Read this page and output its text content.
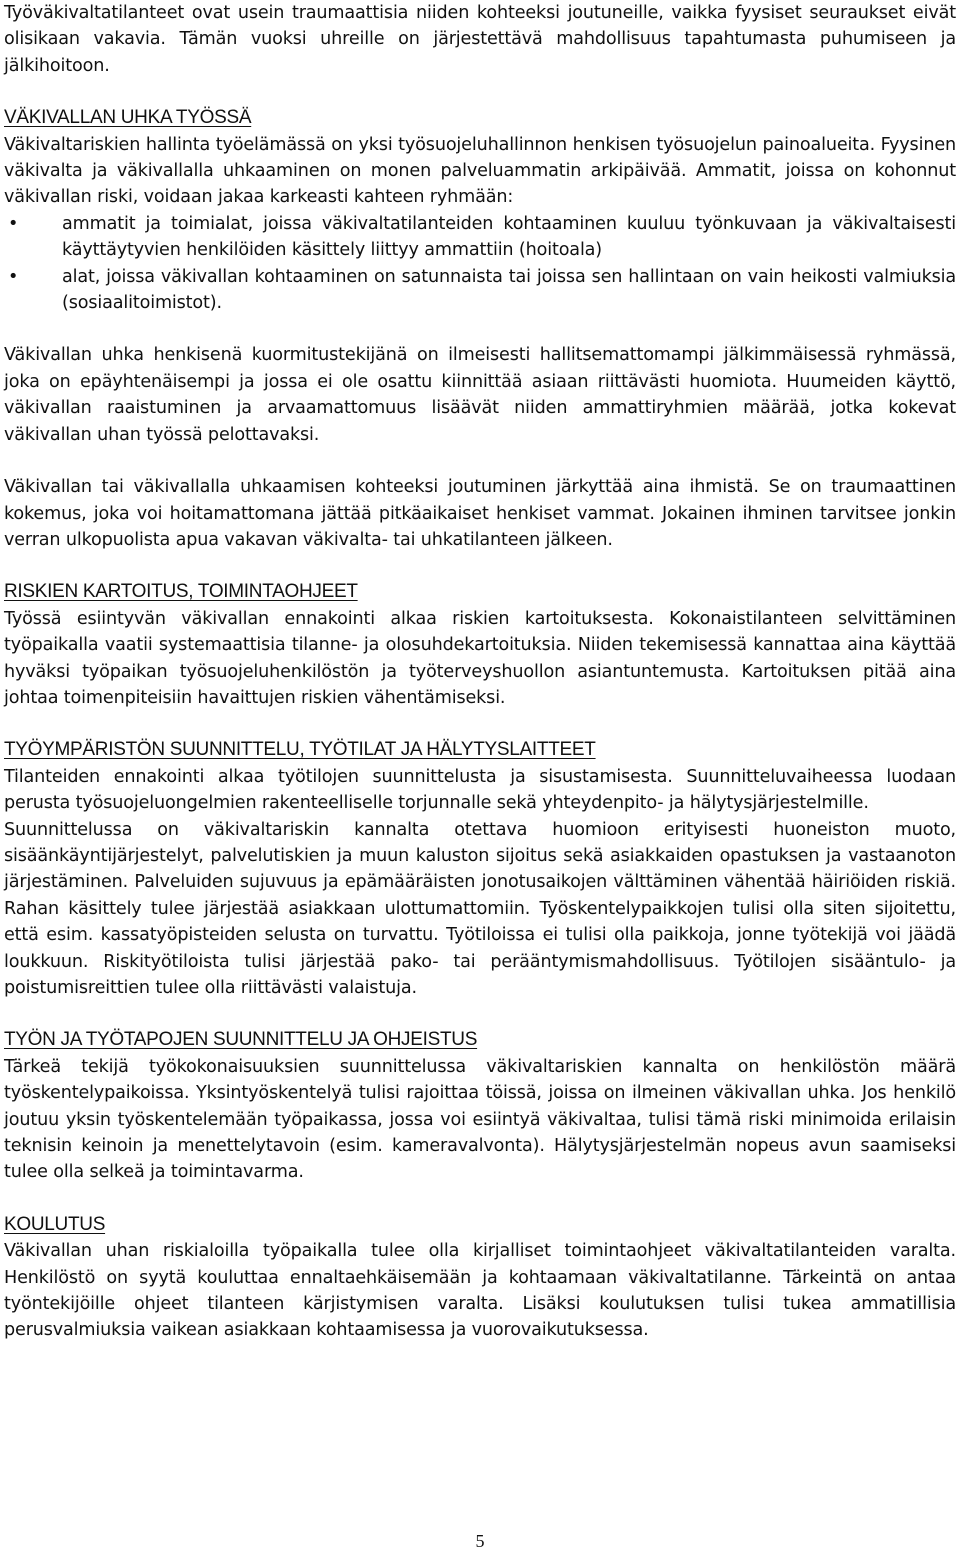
Työväkivaltatilanteet ovat usein traumaattisia niiden kohteeksi joutuneille, vaikka fyysiset seuraukset eivät olisikaan vakavia. Tämän vuoksi uhreille on järjestettävä mahdollisuus tapahtumasta puhumiseen ja jälkihoitoon.

VÄKIVALLAN UHKA TYÖSSÄ

Väkivaltariskien hallinta työelämässä on yksi työsuojeluhallinnon henkisen työsuojelun painoalueita. Fyysinen väkivalta ja väkivallalla uhkaaminen on monen palveluammatin arkipäivää. Ammatit, joissa on kohonnut väkivallan riski, voidaan jakaa karkeasti kahteen ryhmään:

• ammatit ja toimialat, joissa väkivaltatilanteiden kohtaaminen kuuluu työnkuvaan ja väkivaltaisesti käyttäytyvien henkilöiden käsittely liittyy ammattiin (hoitoala)
• alat, joissa väkivallan kohtaaminen on satunnaista tai joissa sen hallintaan on vain heikosti valmiuksia (sosiaalitoimistot).

Väkivallan uhka henkisenä kuormitustekijänä on ilmeisesti hallitsemattomampi jälkimmäisessä ryhmässä, joka on epäyhtenäisempi ja jossa ei ole osattu kiinnittää asiaan riittävästi huomiota. Huumeiden käyttö, väkivallan raaistuminen ja arvaamattomuus lisäävät niiden ammattiryhmien määrää, jotka kokevat väkivallan uhan työssä pelottavaksi.

Väkivallan tai väkivallalla uhkaamisen kohteeksi joutuminen järkyttää aina ihmistä. Se on traumaattinen kokemus, joka voi hoitamattomana jättää pitkäaikaiset henkiset vammat. Jokainen ihminen tarvitsee jonkin verran ulkopuolista apua vakavan väkivalta- tai uhkatilanteen jälkeen.

RISKIEN KARTOITUS, TOIMINTAOHJEET

Työssä esiintyvän väkivallan ennakointi alkaa riskien kartoituksesta. Kokonaistilanteen selvittäminen työpaikalla vaatii systemaattisia tilanne- ja olosuhdekartoituksia. Niiden tekemisessä kannattaa aina käyttää hyväksi työpaikan työsuojeluhenkilöstön ja työterveyshuollon asiantuntemusta. Kartoituksen pitää aina johtaa toimenpiteisiin havaittujen riskien vähentämiseksi.

TYÖYMPÄRISTÖN SUUNNITTELU, TYÖTILAT JA HÄLYTYSLAITTEET

Tilanteiden ennakointi alkaa työtilojen suunnittelusta ja sisustamisesta. Suunnitteluvaiheessa luodaan perusta työsuojeluongelmien rakenteelliselle torjunnalle sekä yhteydenpito- ja hälytysjärjestelmille.

Suunnittelussa on väkivaltariskin kannalta otettava huomioon erityisesti huoneiston muoto, sisäänkäyntijärjestelyt, palvelutiskien ja muun kaluston sijoitus sekä asiakkaiden opastuksen ja vastaanoton järjestäminen. Palveluiden sujuvuus ja epämääräisten jonotusaikojen välttäminen vähentää häiriöiden riskiä. Rahan käsittely tulee järjestää asiakkaan ulottumattomiin. Työskentelypaikkojen tulisi olla siten sijoitettu, että esim. kassatyöpisteiden selusta on turvattu. Työtiloissa ei tulisi olla paikkoja, jonne työtekijä voi jäädä loukkuun. Riskityötiloista tulisi järjestää pako- tai perääntymismahdollisuus. Työtilojen sisääntulo- ja poistumisreittien tulee olla riittävästi valaistuja.

TYÖN JA TYÖTAPOJEN SUUNNITTELU JA OHJEISTUS

Tärkeä tekijä työkokonaisuuksien suunnittelussa väkivaltariskien kannalta on henkilöstön määrä työskentelypaikoissa. Yksintyöskentelyä tulisi rajoittaa töissä, joissa on ilmeinen väkivallan uhka. Jos henkilö joutuu yksin työskentelemään työpaikassa, jossa voi esiintyä väkivaltaa, tulisi tämä riski minimoida erilaisin teknisin keinoin ja menettelytavoin (esim. kameravalvonta). Hälytysjärjestelmän nopeus avun saamiseksi tulee olla selkeä ja toimintavarma.

KOULUTUS

Väkivallan uhan riskialoilla työpaikalla tulee olla kirjalliset toimintaohjeet väkivaltatilanteiden varalta. Henkilöstö on syytä kouluttaa ennaltaehkäisemään ja kohtaamaan väkivaltatilanne. Tärkeintä on antaa työntekijöille ohjeet tilanteen kärjistymisen varalta. Lisäksi koulutuksen tulisi tukea ammatillisia perusvalmiuksia vaikean asiakkaan kohtaamisessa ja vuorovaikutuksessa.

5
